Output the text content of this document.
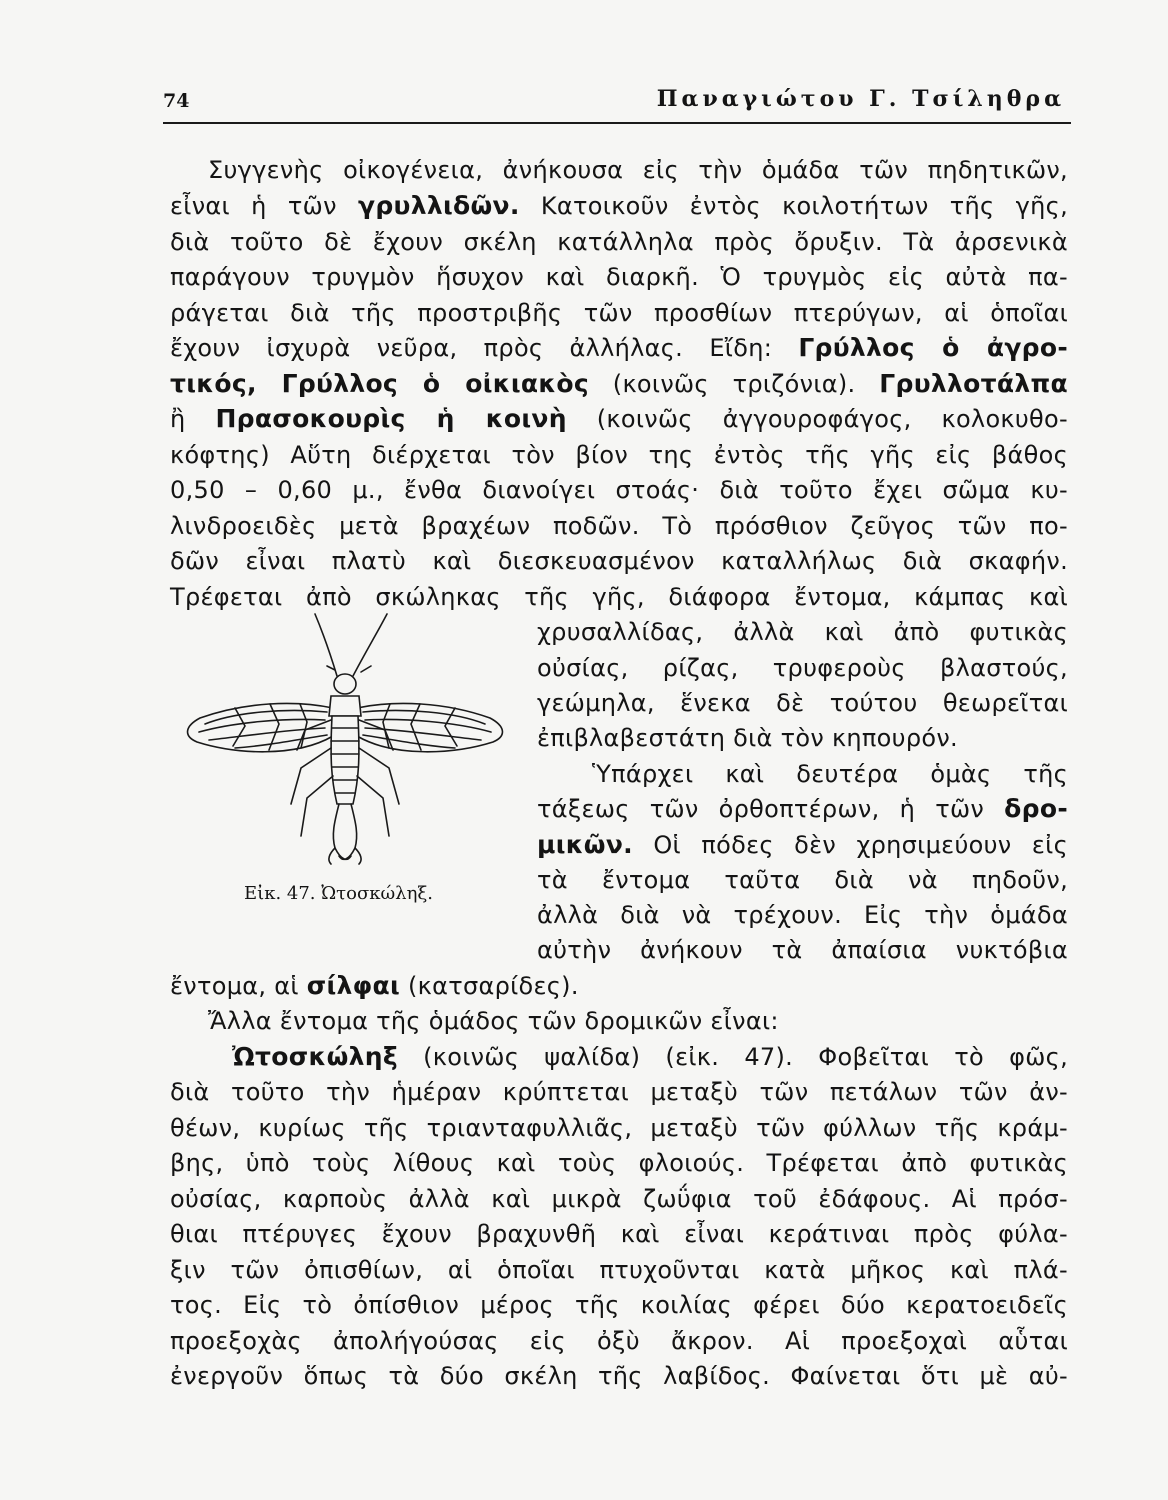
74	Παναγιώτου Γ. Τσίληθρα
Συγγενὴς οἰκογένεια, ἀνήκουσα εἰς τὴν ὁμάδα τῶν πηδητικῶν,
εἶναι ἡ τῶν γρυλλιδῶν. Κατοικοῦν ἐντὸς κοιλοτήτων τῆς γῆς,
διὰ τοῦτο δὲ ἔχουν σκέλη κατάλληλα πρὸς ὄρυξιν. Τὰ ἀρσενικὰ
παράγουν τρυγμὸν ἥσυχον καὶ διαρκῆ. Ὁ τρυγμὸς εἰς αὐτὰ πα-
ράγεται διὰ τῆς προστριβῆς τῶν προσθίων πτερύγων, αἱ ὁποῖαι
ἔχουν ἰσχυρὰ νεῦρα, πρὸς ἀλλήλας. Εἴδη: Γρύλλος ὁ ἀγρο-
τικός, Γρύλλος ὁ οἰκιακὸς (κοινῶς τριζόνια). Γρυλλοτάλπα
ἢ Πρασοκουρὶς ἡ κοινὴ (κοινῶς ἀγγουροφάγος, κολοκυθο-
κόφτης) Αὕτη διέρχεται τὸν βίον της ἐντὸς τῆς γῆς εἰς βάθος
0,50 – 0,60 μ., ἔνθα διανοίγει στοάς· διὰ τοῦτο ἔχει σῶμα κυ-
λινδροειδὲς μετὰ βραχέων ποδῶν. Τὸ πρόσθιον ζεῦγος τῶν πο-
δῶν εἶναι πλατὺ καὶ διεσκευασμένον καταλλήλως διὰ σκαφήν.
Τρέφεται ἀπὸ σκώληκας τῆς γῆς, διάφορα ἔντομα, κάμπας καὶ
χρυσαλλίδας, ἀλλὰ καὶ ἀπὸ φυτικὰς
οὐσίας, ρίζας, τρυφεροὺς βλαστούς,
γεώμηλα, ἕνεκα δὲ τούτου θεωρεῖται
ἐπιβλαβεστάτη διὰ τὸν κηπουρόν.
Ὑπάρχει καὶ δευτέρα ὁμὰς τῆς
τάξεως τῶν ὀρθοπτέρων, ἡ τῶν δρο-
μικῶν. Οἱ πόδες δὲν χρησιμεύουν εἰς
τὰ ἔντομα ταῦτα διὰ νὰ πηδοῦν,
ἀλλὰ διὰ νὰ τρέχουν. Εἰς τὴν ὁμάδα
αὐτὴν ἀνήκουν τὰ ἀπαίσια νυκτόβια
ἔντομα, αἱ σίλφαι (κατσαρίδες).
Ἄλλα ἔντομα τῆς ὁμάδος τῶν δρομικῶν εἶναι:
Ὠτοσκώληξ (κοινῶς ψαλίδα) (εἰκ. 47). Φοβεῖται τὸ φῶς,
διὰ τοῦτο τὴν ἡμέραν κρύπτεται μεταξὺ τῶν πετάλων τῶν ἀν-
θέων, κυρίως τῆς τριανταφυλλιᾶς, μεταξὺ τῶν φύλλων τῆς κράμ-
βης, ὑπὸ τοὺς λίθους καὶ τοὺς φλοιούς. Τρέφεται ἀπὸ φυτικὰς
οὐσίας, καρποὺς ἀλλὰ καὶ μικρὰ ζωΰφια τοῦ ἐδάφους. Αἱ πρόσ-
θιαι πτέρυγες ἔχουν βραχυνθῆ καὶ εἶναι κεράτιναι πρὸς φύλα-
ξιν τῶν ὀπισθίων, αἱ ὁποῖαι πτυχοῦνται κατὰ μῆκος καὶ πλά-
τος. Εἰς τὸ ὀπίσθιον μέρος τῆς κοιλίας φέρει δύο κερατοειδεῖς
προεξοχὰς ἀπολήγούσας εἰς ὀξὺ ἄκρον. Αἱ προεξοχαὶ αὗται
ἐνεργοῦν ὅπως τὰ δύο σκέλη τῆς λαβίδος. Φαίνεται ὅτι μὲ αὐ-
Εἰκ. 47. Ὠτοσκώληξ.
